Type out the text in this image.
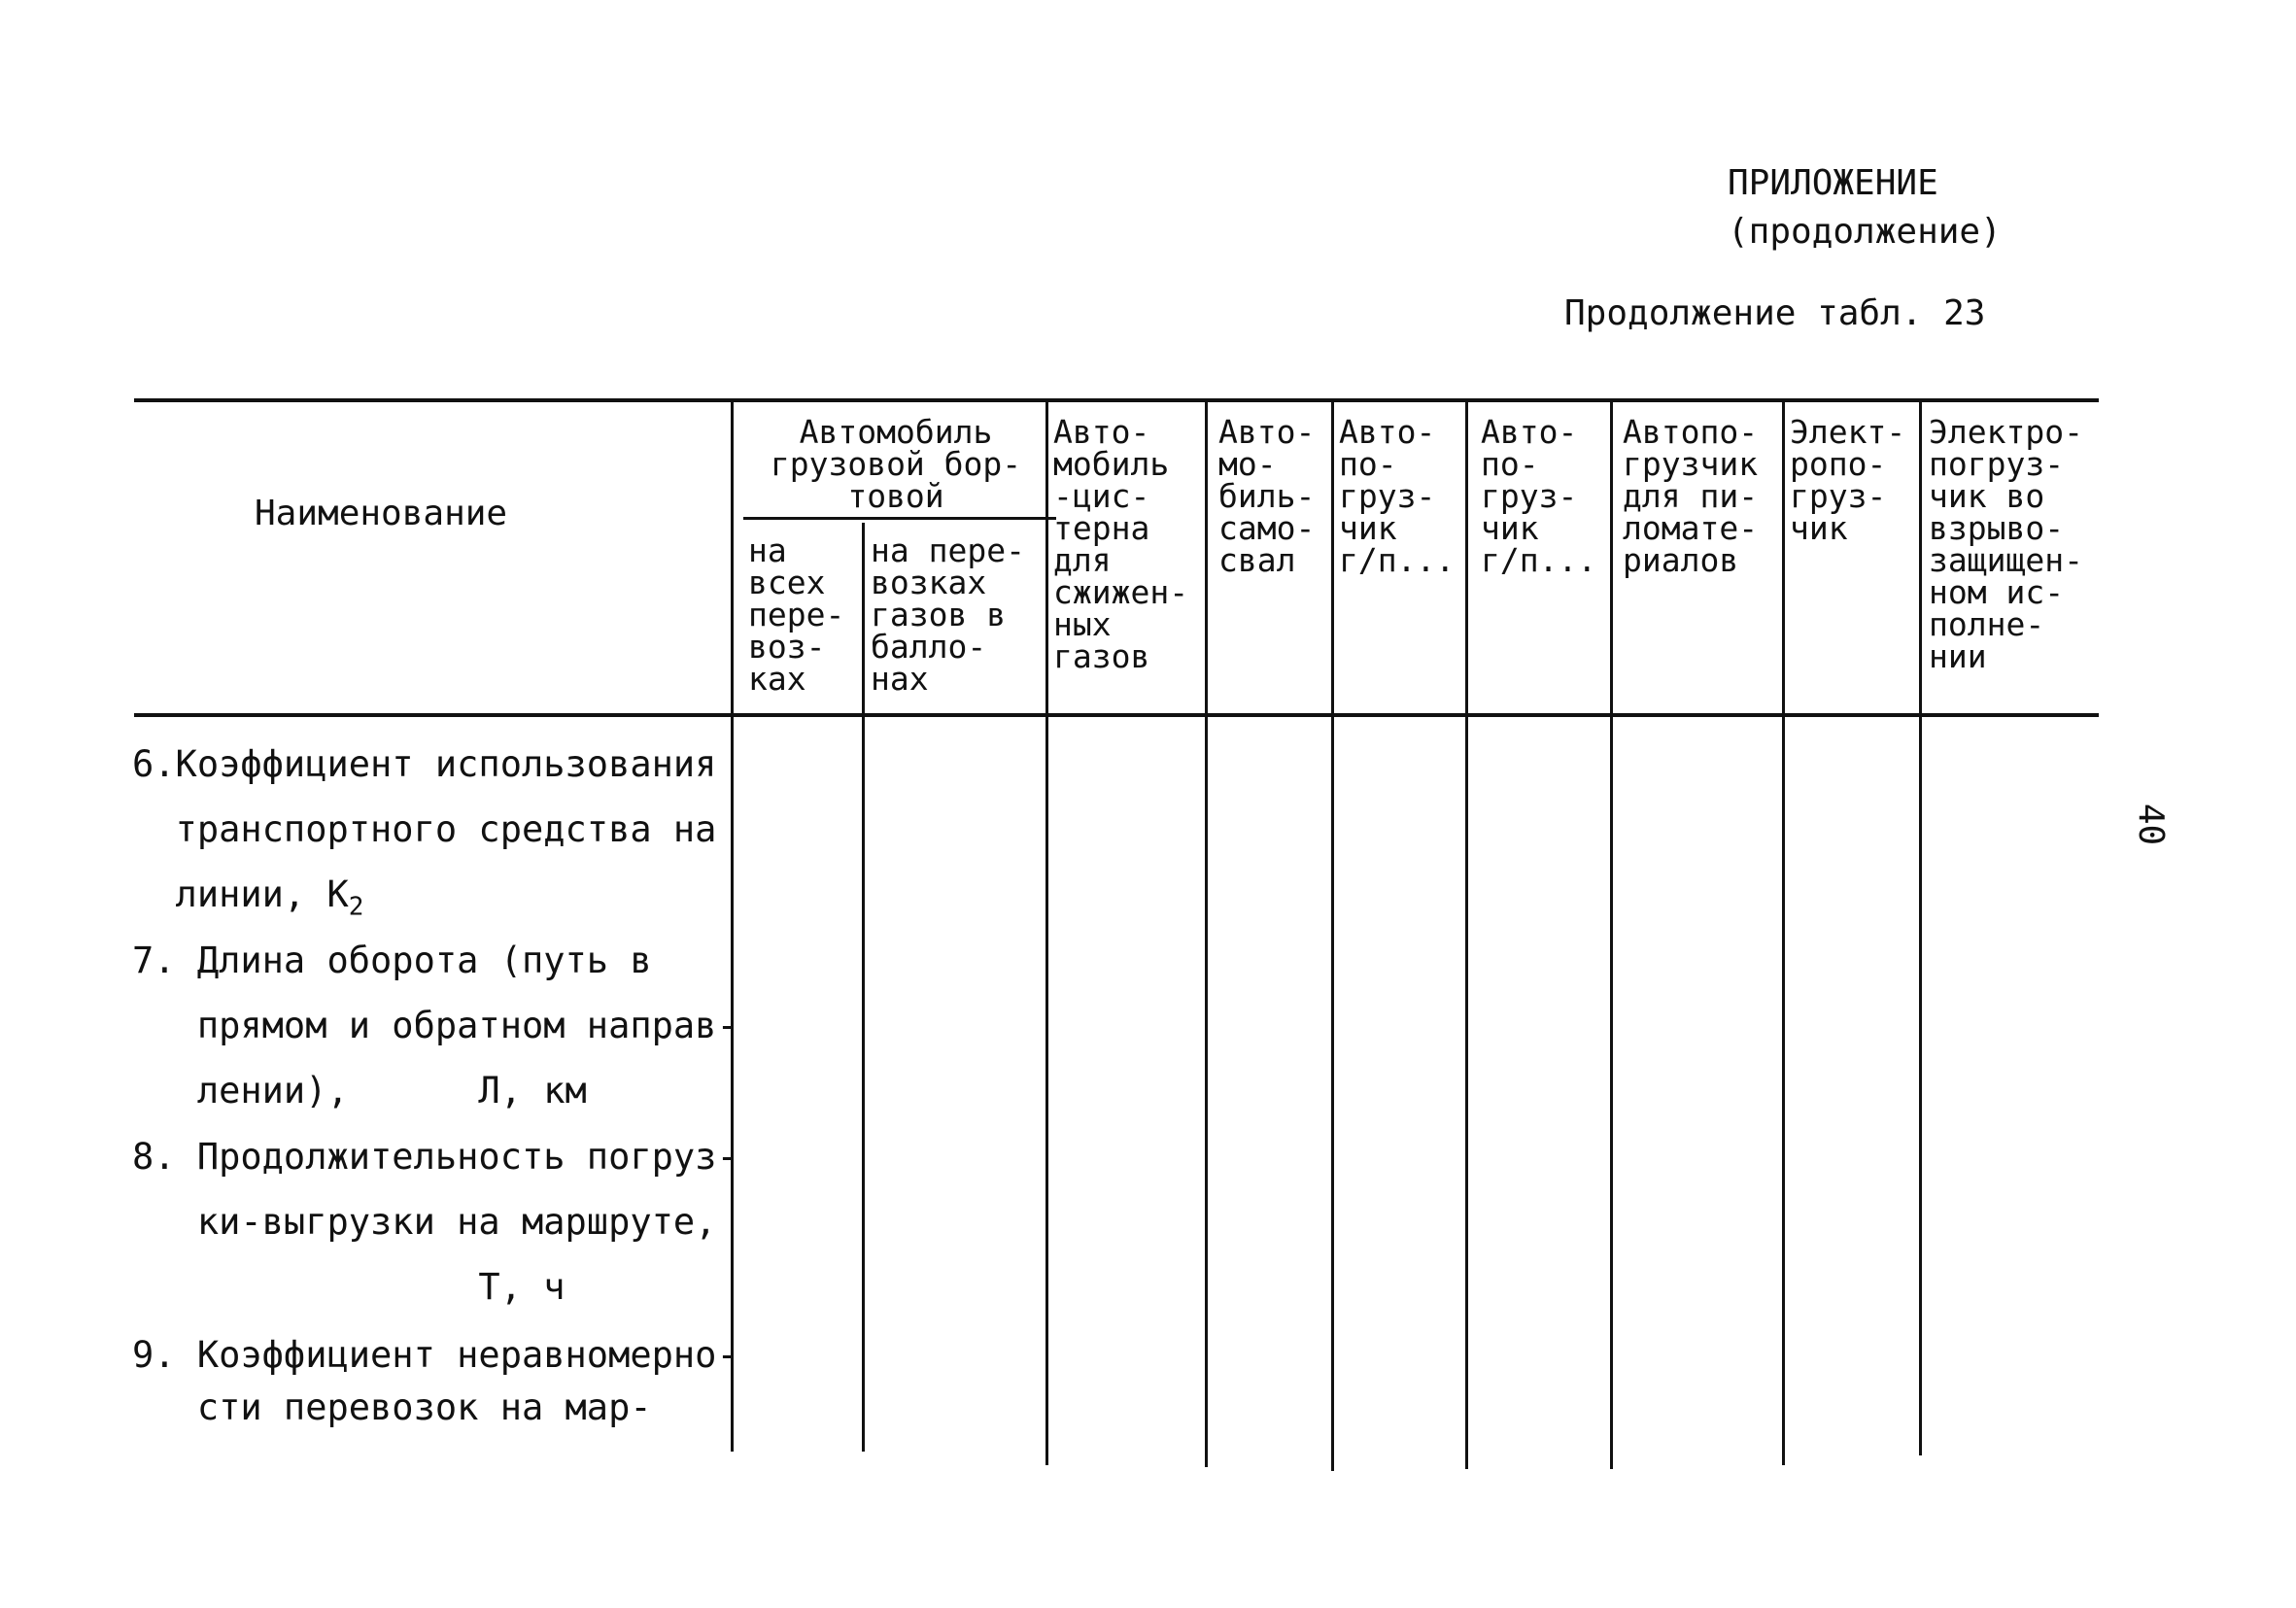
ПРИЛОЖЕНИЕ
(продолжение)
Продолжение табл. 23
40
Наименование
Автомобиль
грузовой бор-
товой
на
всех
пере-
воз-
ках
на пере-
возках
газов в
балло-
нах
Авто-
мобиль
-цис-
терна
для
сжижен-
ных
газов
Авто-
мо-
биль-
само-
свал
Авто-
по-
груз-
чик
г/п...
Авто-
по-
груз-
чик
г/п...
Автопо-
грузчик
для пи-
ломате-
риалов
Элект-
ропо-
груз-
чик
Электро-
погруз-
чик во
взрыво-
защищен-
ном ис-
полне-
нии
6.Коэффициент использования
транспортного средства на
линии, $К_2$
7. Длина оборота (путь в
прямом и обратном направ-
лении),      Л, км
8. Продолжительность погруз-
ки-выгрузки на маршруте,
Т, ч
9. Коэффициент неравномерно-
сти перевозок на мар-
